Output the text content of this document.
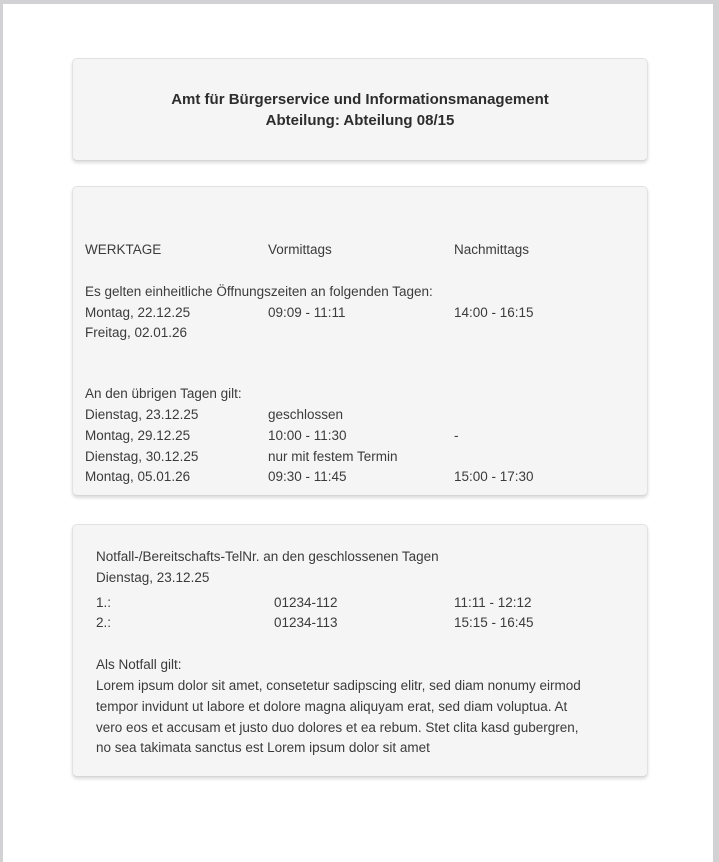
Amt für Bürgerservice und Informationsmanagement
Abteilung: Abteilung 08/15
WERKTAGE	Vormittags	Nachmittags
Es gelten einheitliche Öffnungszeiten an folgenden Tagen:
Montag, 22.12.25	09:09 - 11:11	14:00 - 16:15
Freitag, 02.01.26
An den übrigen Tagen gilt:
Dienstag, 23.12.25	geschlossen
Montag, 29.12.25	10:00 - 11:30	-
Dienstag, 30.12.25	nur mit festem Termin
Montag, 05.01.26	09:30 - 11:45	15:00 - 17:30
Notfall-/Bereitschafts-TelNr. an den geschlossenen Tagen
Dienstag, 23.12.25
1.:	01234-112	11:11 - 12:12
2.:	01234-113	15:15 - 16:45
Als Notfall gilt:
Lorem ipsum dolor sit amet, consetetur sadipscing elitr, sed diam nonumy eirmod tempor invidunt ut labore et dolore magna aliquyam erat, sed diam voluptua. At vero eos et accusam et justo duo dolores et ea rebum. Stet clita kasd gubergren, no sea takimata sanctus est Lorem ipsum dolor sit amet
